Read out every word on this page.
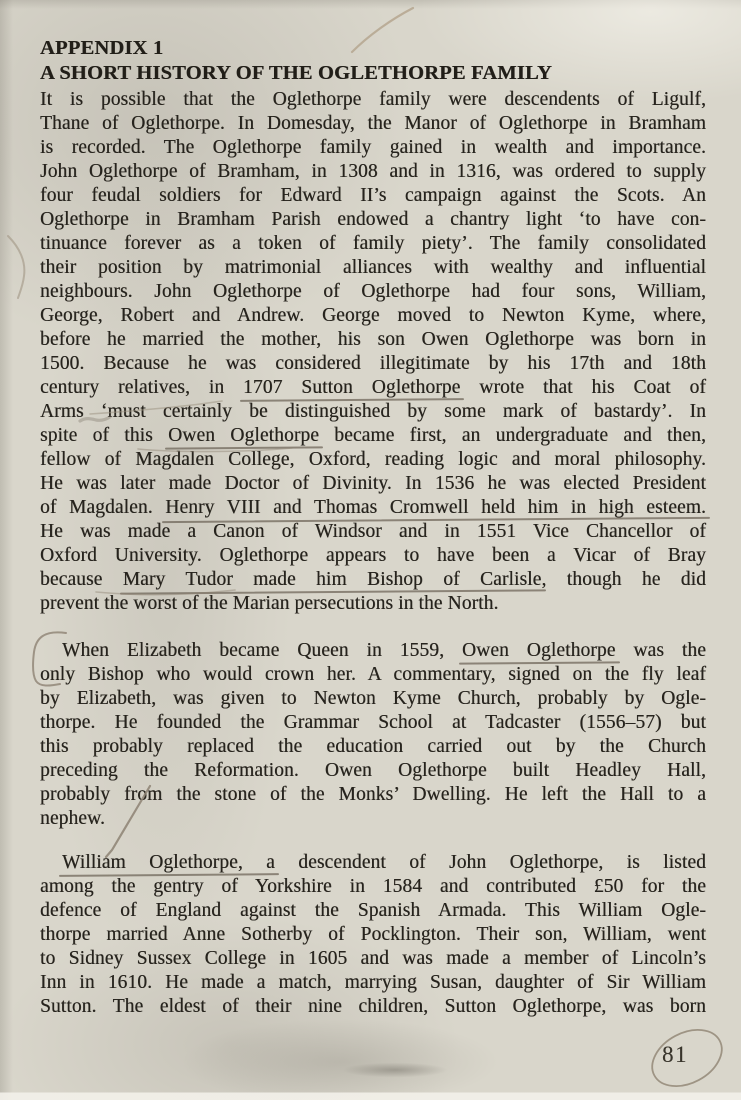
APPENDIX 1
A SHORT HISTORY OF THE OGLETHORPE FAMILY
It is possible that the Oglethorpe family were descendents of Ligulf,
Thane of Oglethorpe. In Domesday, the Manor of Oglethorpe in Bramham
is recorded. The Oglethorpe family gained in wealth and importance.
John Oglethorpe of Bramham, in 1308 and in 1316, was ordered to supply
four feudal soldiers for Edward II’s campaign against the Scots. An
Oglethorpe in Bramham Parish endowed a chantry light ‘to have con-
tinuance forever as a token of family piety’. The family consolidated
their position by matrimonial alliances with wealthy and influential
neighbours. John Oglethorpe of Oglethorpe had four sons, William,
George, Robert and Andrew. George moved to Newton Kyme, where,
before he married the mother, his son Owen Oglethorpe was born in
1500. Because he was considered illegitimate by his 17th and 18th
century relatives, in 1707 Sutton Oglethorpe wrote that his Coat of
Arms ‘must certainly be distinguished by some mark of bastardy’. In
spite of this Owen Oglethorpe became first, an undergraduate and then,
fellow of Magdalen College, Oxford, reading logic and moral philosophy.
He was later made Doctor of Divinity. In 1536 he was elected President
of Magdalen. Henry VIII and Thomas Cromwell held him in high esteem.
He was made a Canon of Windsor and in 1551 Vice Chancellor of
Oxford University. Oglethorpe appears to have been a Vicar of Bray
because Mary Tudor made him Bishop of Carlisle, though he did
prevent the worst of the Marian persecutions in the North.
When Elizabeth became Queen in 1559, Owen Oglethorpe was the
only Bishop who would crown her. A commentary, signed on the fly leaf
by Elizabeth, was given to Newton Kyme Church, probably by Ogle-
thorpe. He founded the Grammar School at Tadcaster (1556–57) but
this probably replaced the education carried out by the Church
preceding the Reformation. Owen Oglethorpe built Headley Hall,
probably from the stone of the Monks’ Dwelling. He left the Hall to a
nephew.
William Oglethorpe, a descendent of John Oglethorpe, is listed
among the gentry of Yorkshire in 1584 and contributed £50 for the
defence of England against the Spanish Armada. This William Ogle-
thorpe married Anne Sotherby of Pocklington. Their son, William, went
to Sidney Sussex College in 1605 and was made a member of Lincoln’s
Inn in 1610. He made a match, marrying Susan, daughter of Sir William
Sutton. The eldest of their nine children, Sutton Oglethorpe, was born
81
